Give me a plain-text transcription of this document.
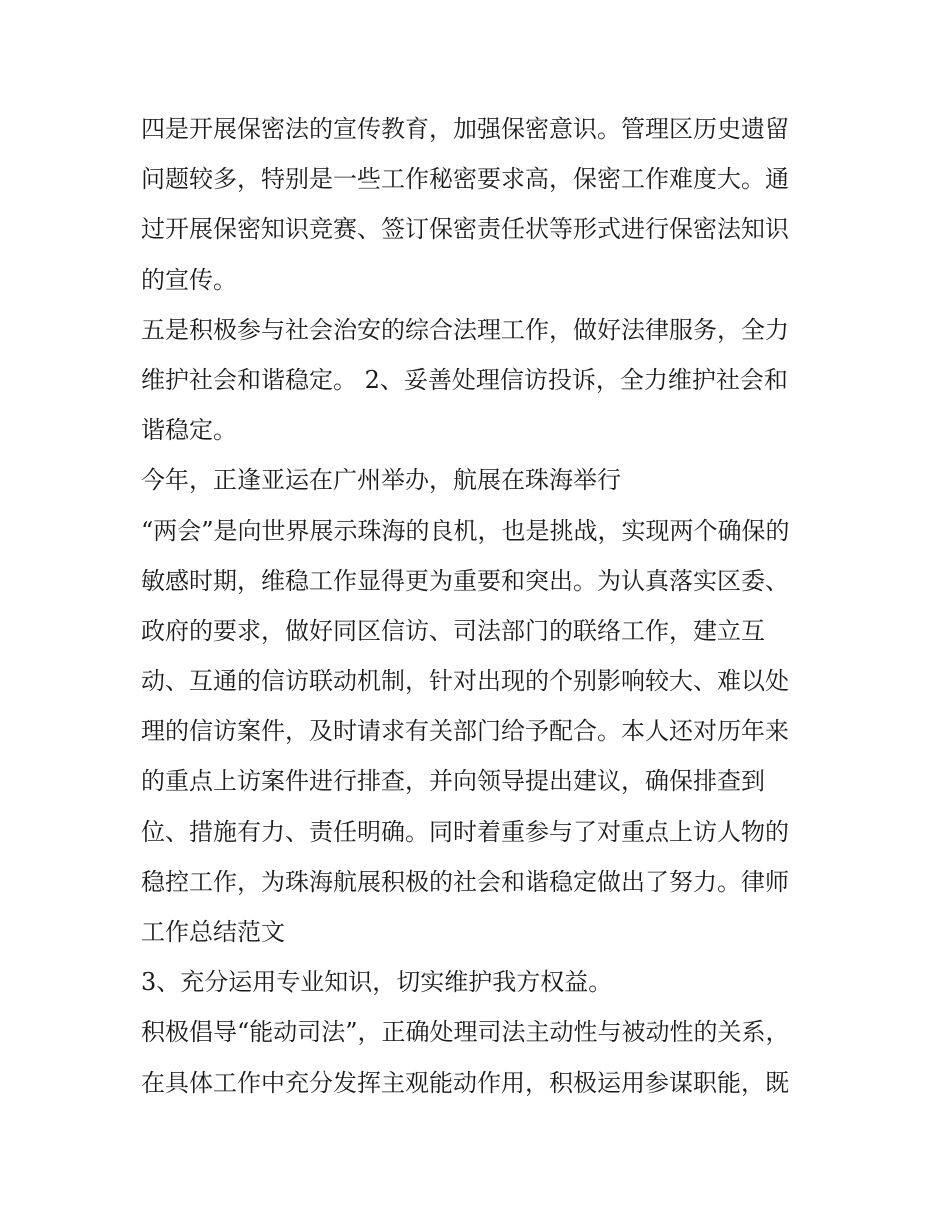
四是开展保密法的宣传教育，加强保密意识。管理区历史遗留
问题较多，特别是一些工作秘密要求高，保密工作难度大。通
过开展保密知识竞赛、签订保密责任状等形式进行保密法知识
的宣传。
五是积极参与社会治安的综合法理工作，做好法律服务，全力
维护社会和谐稳定。 2、妥善处理信访投诉，全力维护社会和
谐稳定。
今年，正逢亚运在广州举办，航展在珠海举行
“两会”是向世界展示珠海的良机，也是挑战，实现两个确保的
敏感时期，维稳工作显得更为重要和突出。为认真落实区委、
政府的要求，做好同区信访、司法部门的联络工作，建立互
动、互通的信访联动机制，针对出现的个别影响较大、难以处
理的信访案件，及时请求有关部门给予配合。本人还对历年来
的重点上访案件进行排查，并向领导提出建议，确保排查到
位、措施有力、责任明确。同时着重参与了对重点上访人物的
稳控工作，为珠海航展积极的社会和谐稳定做出了努力。律师
工作总结范文
3、充分运用专业知识，切实维护我方权益。
积极倡导“能动司法”，正确处理司法主动性与被动性的关系，
在具体工作中充分发挥主观能动作用，积极运用参谋职能，既
